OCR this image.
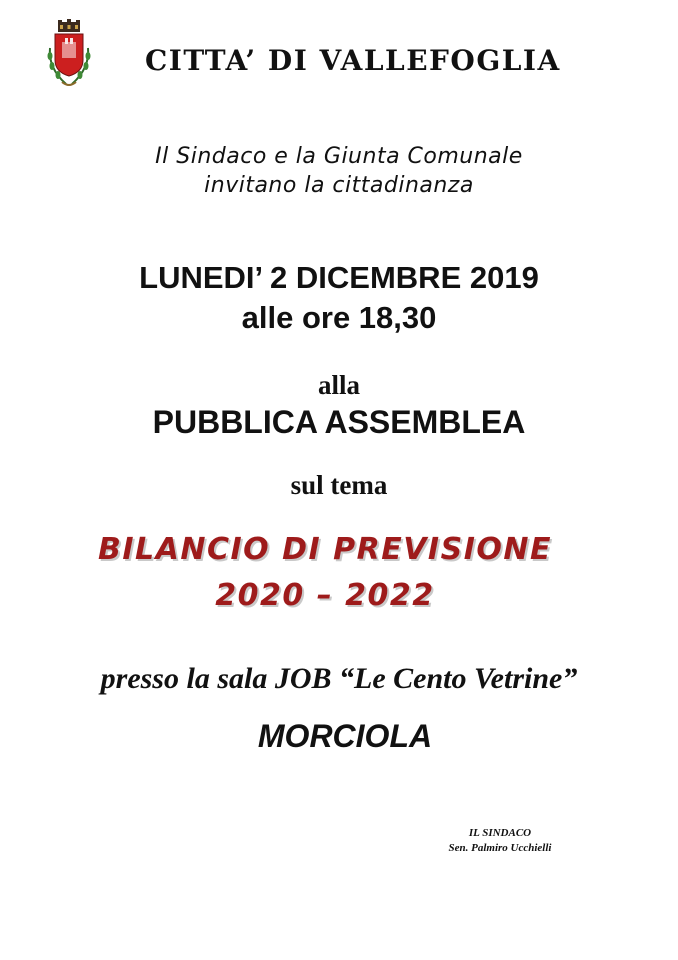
CITTA’ DI VALLEFOGLIA
Il Sindaco e la Giunta Comunale
invitano la cittadinanza
LUNEDI’ 2 DICEMBRE 2019
alle ore 18,30
alla
PUBBLICA ASSEMBLEA
sul tema
BILANCIO DI PREVISIONE
2020 – 2022
presso la sala JOB “Le Cento Vetrine”
MORCIOLA
IL SINDACO
Sen. Palmiro Ucchielli
